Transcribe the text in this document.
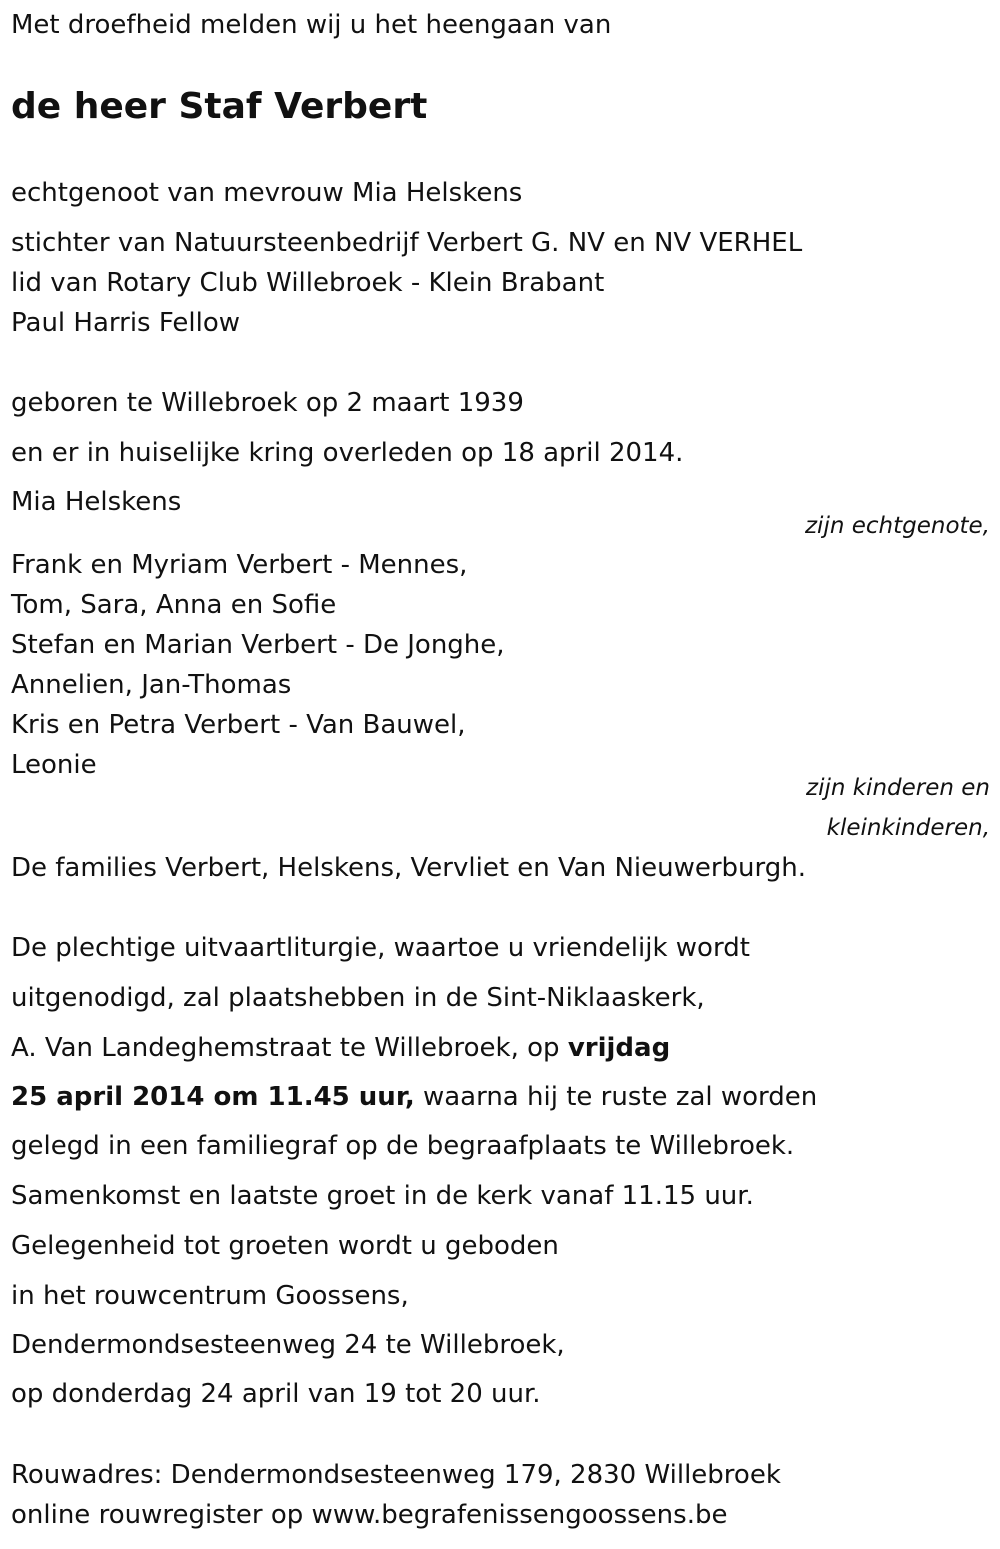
Met droefheid melden wij u het heengaan van
de heer Staf Verbert
echtgenoot van mevrouw Mia Helskens
stichter van Natuursteenbedrijf Verbert G. NV en NV VERHEL
lid van Rotary Club Willebroek - Klein Brabant
Paul Harris Fellow
geboren te Willebroek op 2 maart 1939
en er in huiselijke kring overleden op 18 april 2014.
Mia Helskens
zijn echtgenote,
Frank en Myriam Verbert - Mennes,
Tom, Sara, Anna en Sofie
Stefan en Marian Verbert - De Jonghe,
Annelien, Jan-Thomas
Kris en Petra Verbert - Van Bauwel,
Leonie
zijn kinderen en
kleinkinderen,
De families Verbert, Helskens, Vervliet en Van Nieuwerburgh.
De plechtige uitvaartliturgie, waartoe u vriendelijk wordt
uitgenodigd, zal plaatshebben in de Sint-Niklaaskerk,
A. Van Landeghemstraat te Willebroek, op vrijdag
25 april 2014 om 11.45 uur, waarna hij te ruste zal worden
gelegd in een familiegraf op de begraafplaats te Willebroek.
Samenkomst en laatste groet in de kerk vanaf 11.15 uur.
Gelegenheid tot groeten wordt u geboden
in het rouwcentrum Goossens,
Dendermondsesteenweg 24 te Willebroek,
op donderdag 24 april van 19 tot 20 uur.
Rouwadres: Dendermondsesteenweg 179, 2830 Willebroek
online rouwregister op www.begrafenissengoossens.be
